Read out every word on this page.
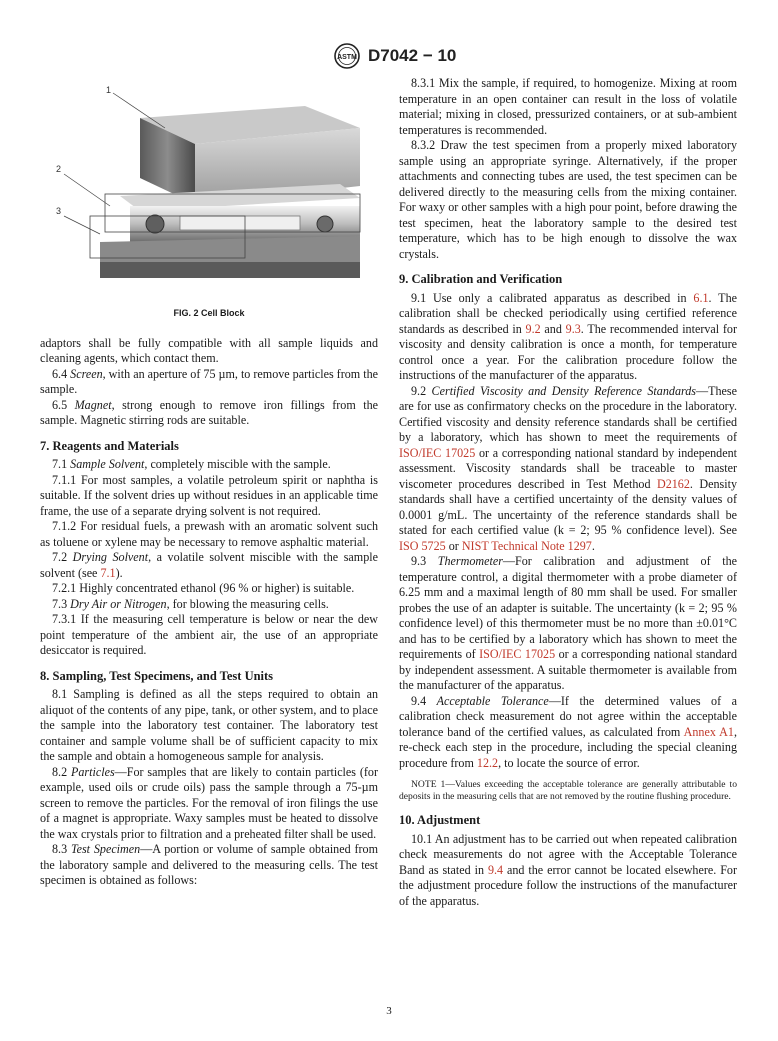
ASTM D7042 − 10
1
2
3
FIG. 2 Cell Block

adaptors shall be fully compatible with all sample liquids and cleaning agents, which contact them.

6.4 Screen, with an aperture of 75 µm, to remove particles from the sample.

6.5 Magnet, strong enough to remove iron fillings from the sample. Magnetic stirring rods are suitable.

7. Reagents and Materials

7.1 Sample Solvent, completely miscible with the sample.

7.1.1 For most samples, a volatile petroleum spirit or naphtha is suitable. If the solvent dries up without residues in an applicable time frame, the use of a separate drying solvent is not required.

7.1.2 For residual fuels, a prewash with an aromatic solvent such as toluene or xylene may be necessary to remove asphaltic material.

7.2 Drying Solvent, a volatile solvent miscible with the sample solvent (see 7.1).

7.2.1 Highly concentrated ethanol (96 % or higher) is suitable.

7.3 Dry Air or Nitrogen, for blowing the measuring cells.

7.3.1 If the measuring cell temperature is below or near the dew point temperature of the ambient air, the use of an appropriate desiccator is required.

8. Sampling, Test Specimens, and Test Units

8.1 Sampling is defined as all the steps required to obtain an aliquot of the contents of any pipe, tank, or other system, and to place the sample into the laboratory test container. The laboratory test container and sample volume shall be of sufficient capacity to mix the sample and obtain a homogeneous sample for analysis.

8.2 Particles—For samples that are likely to contain particles (for example, used oils or crude oils) pass the sample through a 75-µm screen to remove the particles. For the removal of iron filings the use of a magnet is appropriate. Waxy samples must be heated to dissolve the wax crystals prior to filtration and a preheated filter shall be used.

8.3 Test Specimen—A portion or volume of sample obtained from the laboratory sample and delivered to the measuring cells. The test specimen is obtained as follows:

8.3.1 Mix the sample, if required, to homogenize. Mixing at room temperature in an open container can result in the loss of volatile material; mixing in closed, pressurized containers, or at sub-ambient temperatures is recommended.

8.3.2 Draw the test specimen from a properly mixed laboratory sample using an appropriate syringe. Alternatively, if the proper attachments and connecting tubes are used, the test specimen can be delivered directly to the measuring cells from the mixing container. For waxy or other samples with a high pour point, before drawing the test specimen, heat the laboratory sample to the desired test temperature, which has to be high enough to dissolve the wax crystals.

9. Calibration and Verification

9.1 Use only a calibrated apparatus as described in 6.1. The calibration shall be checked periodically using certified reference standards as described in 9.2 and 9.3. The recommended interval for viscosity and density calibration is once a month, for temperature control once a year. For the calibration procedure follow the instructions of the manufacturer of the apparatus.

9.2 Certified Viscosity and Density Reference Standards—These are for use as confirmatory checks on the procedure in the laboratory. Certified viscosity and density reference standards shall be certified by a laboratory, which has shown to meet the requirements of ISO/IEC 17025 or a corresponding national standard by independent assessment. Viscosity standards shall be traceable to master viscometer procedures described in Test Method D2162. Density standards shall have a certified uncertainty of the density values of 0.0001 g/mL. The uncertainty of the reference standards shall be stated for each certified value (k = 2; 95 % confidence level). See ISO 5725 or NIST Technical Note 1297.

9.3 Thermometer—For calibration and adjustment of the temperature control, a digital thermometer with a probe diameter of 6.25 mm and a maximal length of 80 mm shall be used. For smaller probes the use of an adapter is suitable. The uncertainty (k = 2; 95 % confidence level) of this thermometer must be no more than ±0.01°C and has to be certified by a laboratory which has shown to meet the requirements of ISO/IEC 17025 or a corresponding national standard by independent assessment. A suitable thermometer is available from the manufacturer of the apparatus.

9.4 Acceptable Tolerance—If the determined values of a calibration check measurement do not agree within the acceptable tolerance band of the certified values, as calculated from Annex A1, re-check each step in the procedure, including the special cleaning procedure from 12.2, to locate the source of error.

NOTE 1—Values exceeding the acceptable tolerance are generally attributable to deposits in the measuring cells that are not removed by the routine flushing procedure.

10. Adjustment

10.1 An adjustment has to be carried out when repeated calibration check measurements do not agree with the Acceptable Tolerance Band as stated in 9.4 and the error cannot be located elsewhere. For the adjustment procedure follow the instructions of the manufacturer of the apparatus.

3
